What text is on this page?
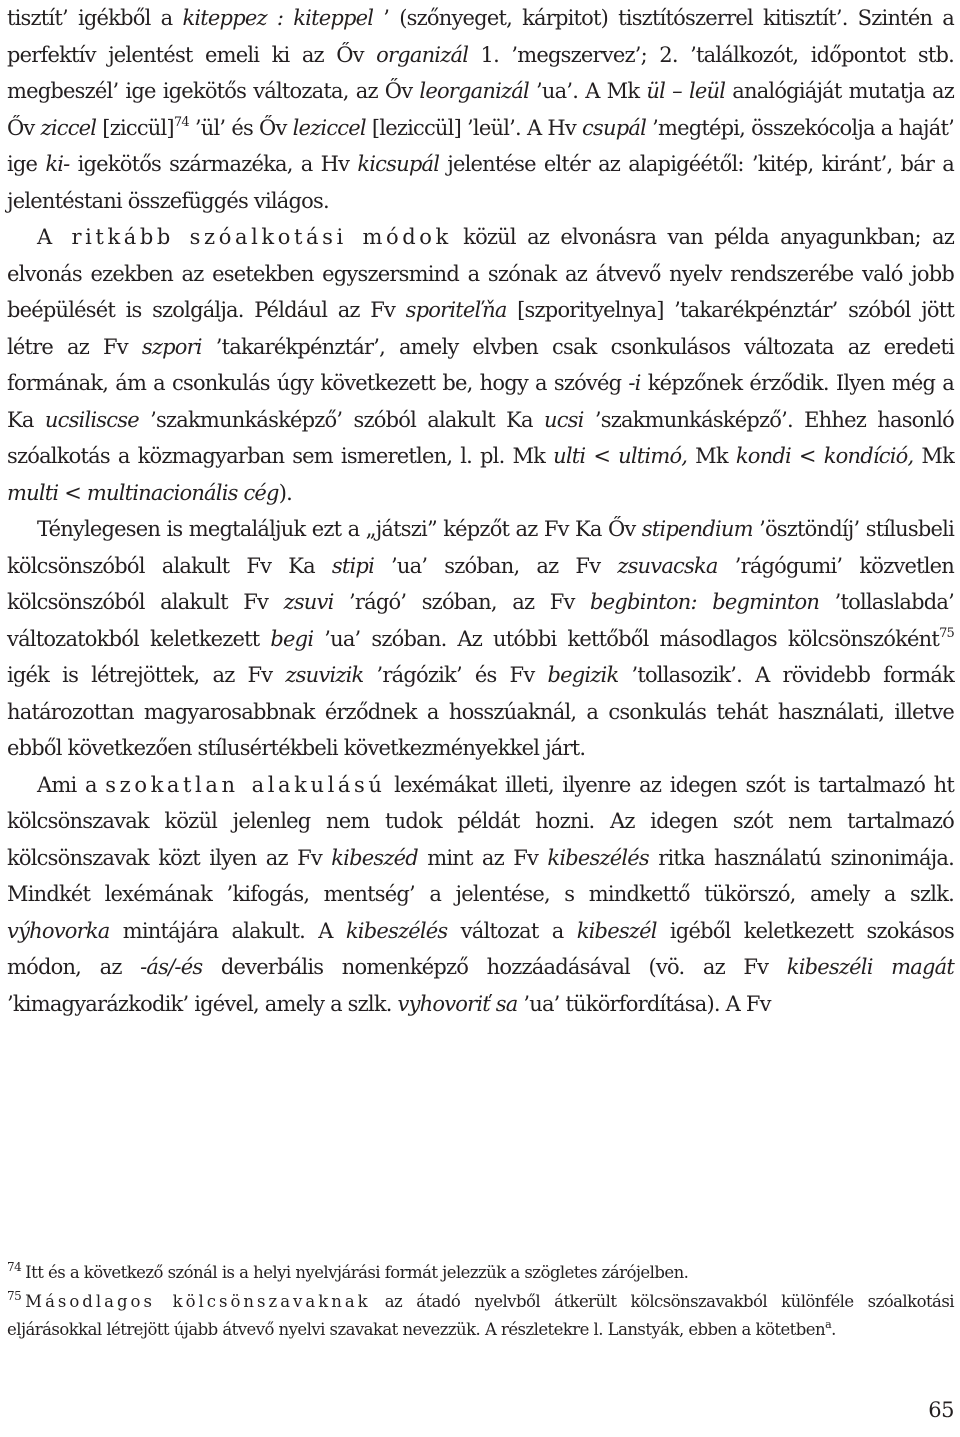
tisztít’ igékből a kiteppez : kiteppel ’ (szőnyeget, kárpitot) tisztítószerrel kitisztít’. Szintén a perfektív jelentést emeli ki az Őv organizál 1. ’megszervez’; 2. ’találkozót, időpontot stb. megbeszél’ ige igekötős változata, az Őv leorganizál ’ua’. A Mk ül – leül analógiáját mutatja az Őv ziccel [ziccül]$^{74}$ ’ül’ és Őv leziccel [leziccül] ’leül’. A Hv csupál ’megtépi, összekócolja a haját’ ige ki- igekötős származéka, a Hv kicsupál jelentése eltér az alapigéétől: ’kitép, kiránt’, bár a jelentéstani összefüggés világos.

A ritkább szóalkotási módok közül az elvonásra van példa anyagunkban; az elvonás ezekben az esetekben egyszersmind a szónak az átvevő nyelv rendszerébe való jobb beépülését is szolgálja. Például az Fv sporiteľňa [szporityelnya] ’takarékpénztár’ szóból jött létre az Fv szpori ’takarékpénztár’, amely elvben csak csonkulásos változata az eredeti formának, ám a csonkulás úgy következett be, hogy a szóvég -i képzőnek érződik. Ilyen még a Ka ucsiliscse ’szakmunkásképző’ szóból alakult Ka ucsi ’szakmunkásképző’. Ehhez hasonló szóalkotás a közmagyarban sem ismeretlen, l. pl. Mk ulti < ultimó, Mk kondi < kondíció, Mk multi < multinacionális cég).

Ténylegesen is megtaláljuk ezt a „játszi” képzőt az Fv Ka Őv stipendium ’ösztöndíj’ stílusbeli kölcsönszóból alakult Fv Ka stipi ’ua’ szóban, az Fv zsuvacska ’rágógumi’ közvetlen kölcsönszóból alakult Fv zsuvi ’rágó’ szóban, az Fv begbinton: begminton ’tollaslabda’ változatokból keletkezett begi ’ua’ szóban. Az utóbbi kettőből másodlagos kölcsönszóként$^{75}$ igék is létrejöttek, az Fv zsuvizik ’rágózik’ és Fv begizik ’tollasozik’. A rövidebb formák határozottan magyarosabbnak érződnek a hosszúaknál, a csonkulás tehát használati, illetve ebből következően stílusértékbeli következményekkel járt.

Ami a szokatlan alakulású lexémákat illeti, ilyenre az idegen szót is tartalmazó ht kölcsönszavak közül jelenleg nem tudok példát hozni. Az idegen szót nem tartalmazó kölcsönszavak közt ilyen az Fv kibeszéd mint az Fv kibeszélés ritka használatú szinonimája. Mindkét lexémának ’kifogás, mentség’ a jelentése, s mindkettő tükörszó, amely a szlk. výhovorka mintájára alakult. A kibeszélés változat a kibeszél igéből keletkezett szokásos módon, az -ás/-és deverbális nomenképző hozzáadásával (vö. az Fv kibeszéli magát ’kimagyarázkodik’ igével, amely a szlk. vyhovoriť sa ’ua’ tükörfordítása). A Fv

$^{74}$ Itt és a következő szónál is a helyi nyelvjárási formát jelezzük a szögletes zárójelben.

$^{75}$ Másodlagos kölcsönszavaknak az átadó nyelvből átkerült kölcsönszavakból különféle szóalkotási eljárásokkal létrejött újabb átvevő nyelvi szavakat nevezzük. A részletekre l. Lanstyák, ebben a kötetben$^a$.

65
